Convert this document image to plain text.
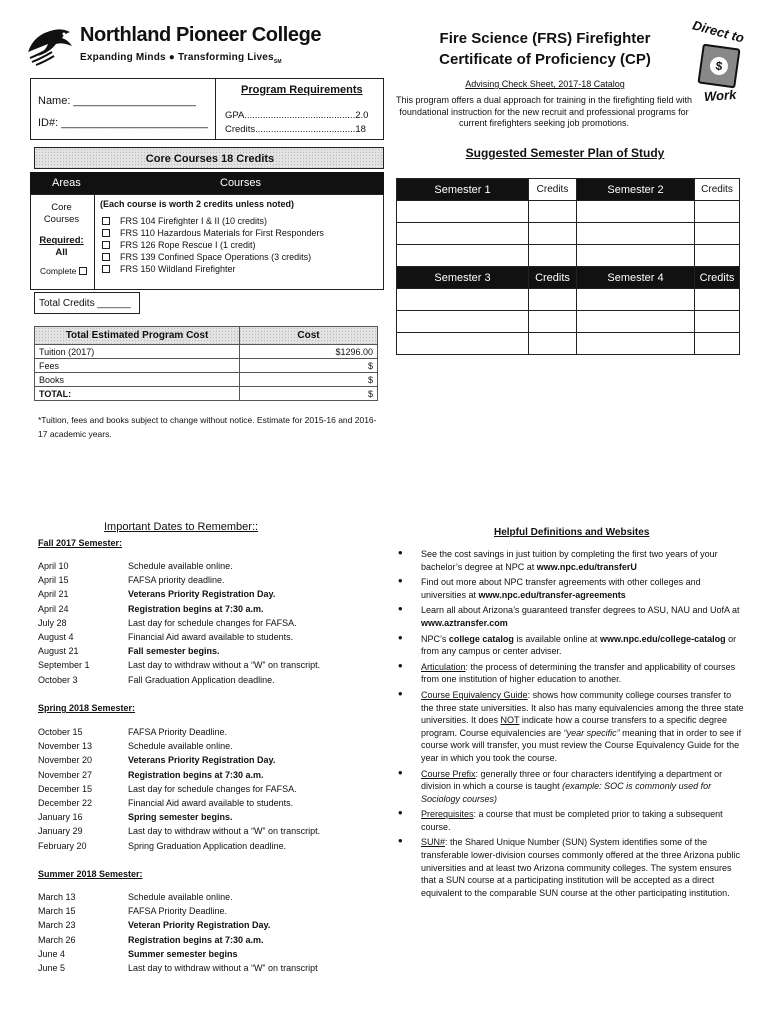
Northland Pioneer College
Expanding Minds ● Transforming Lives$_{SM}$
Fire Science (FRS) Firefighter
Certificate of Proficiency (CP)
Advising Check Sheet, 2017-18 Catalog
This program offers a dual approach for training in the firefighting field with foundational instruction for the new recruit and professional programs for current firefighters seeking job promotions.
Direct to
$
Work
Name: ____________________
ID#: ________________________
Program Requirements
GPA..........................................2.0
Credits......................................18
Core Courses 18 Credits
Areas	Courses
Core
Courses
Required:
All
Complete
(Each course is worth 2 credits unless noted)
FRS 104 Firefighter I & II (10 credits)
FRS 110 Hazardous Materials for First Responders
FRS 126 Rope Rescue I (1 credit)
FRS 139 Confined Space Operations (3 credits)
FRS 150 Wildland Firefighter
Total Credits ______
Total Estimated Program Cost	Cost
Tuition (2017)	$1296.00
Fees	$
Books	$
TOTAL:	$
*Tuition, fees and books subject to change without notice. Estimate for 2015-16 and 2016-17 academic years.
Suggested Semester Plan of Study
Semester 1	Credits	Semester 2	Credits

Semester 3	Credits	Semester 4	Credits

Important Dates to Remember::
Fall 2017 Semester:
April 10	Schedule available online.
April 15	FAFSA priority deadline.
April 21	Veterans Priority Registration Day.
April 24	Registration begins at 7:30 a.m.
July 28	Last day for schedule changes for FAFSA.
August 4	Financial Aid award available to students.
August 21	Fall semester begins.
September 1	Last day to withdraw without a “W” on transcript.
October 3	Fall Graduation Application deadline.
Spring 2018 Semester:
October 15	FAFSA Priority Deadline.
November 13	Schedule available online.
November 20	Veterans Priority Registration Day.
November 27	Registration begins at 7:30 a.m.
December 15	Last day for schedule changes for FAFSA.
December 22	Financial Aid award available to students.
January 16	Spring semester begins.
January 29	Last day to withdraw without a “W” on transcript.
February 20	Spring Graduation Application deadline.
Summer 2018 Semester:
March 13	Schedule available online.
March 15	FAFSA Priority Deadline.
March 23	Veteran Priority Registration Day.
March 26	Registration begins at 7:30 a.m.
June 4	Summer semester begins
June 5	Last day to withdraw without a “W” on transcript
Helpful Definitions and Websites
• See the cost savings in just tuition by completing the first two years of your bachelor’s degree at NPC at www.npc.edu/transferU
• Find out more about NPC transfer agreements with other colleges and universities at www.npc.edu/transfer-agreements
• Learn all about Arizona’s guaranteed transfer degrees to ASU, NAU and UofA at www.aztransfer.com
• NPC’s college catalog is available online at www.npc.edu/college-catalog or from any campus or center adviser.
• Articulation: the process of determining the transfer and applicability of courses from one institution of higher education to another.
• Course Equivalency Guide: shows how community college courses transfer to the three state universities. It also has many equivalencies among the three state universities. It does NOT indicate how a course transfers to a specific degree program. Course equivalencies are “year specific” meaning that in order to see if course work will transfer, you must review the Course Equivalency Guide for the year in which you took the course.
• Course Prefix: generally three or four characters identifying a department or division in which a course is taught (example: SOC is commonly used for Sociology courses)
• Prerequisites: a course that must be completed prior to taking a subsequent course.
• SUN#: the Shared Unique Number (SUN) System identifies some of the transferable lower-division courses commonly offered at the three Arizona public universities and at least two Arizona community colleges. The system ensures that a SUN course at a participating institution will be accepted as a direct equivalent to the comparable SUN course at the other participating institution.
